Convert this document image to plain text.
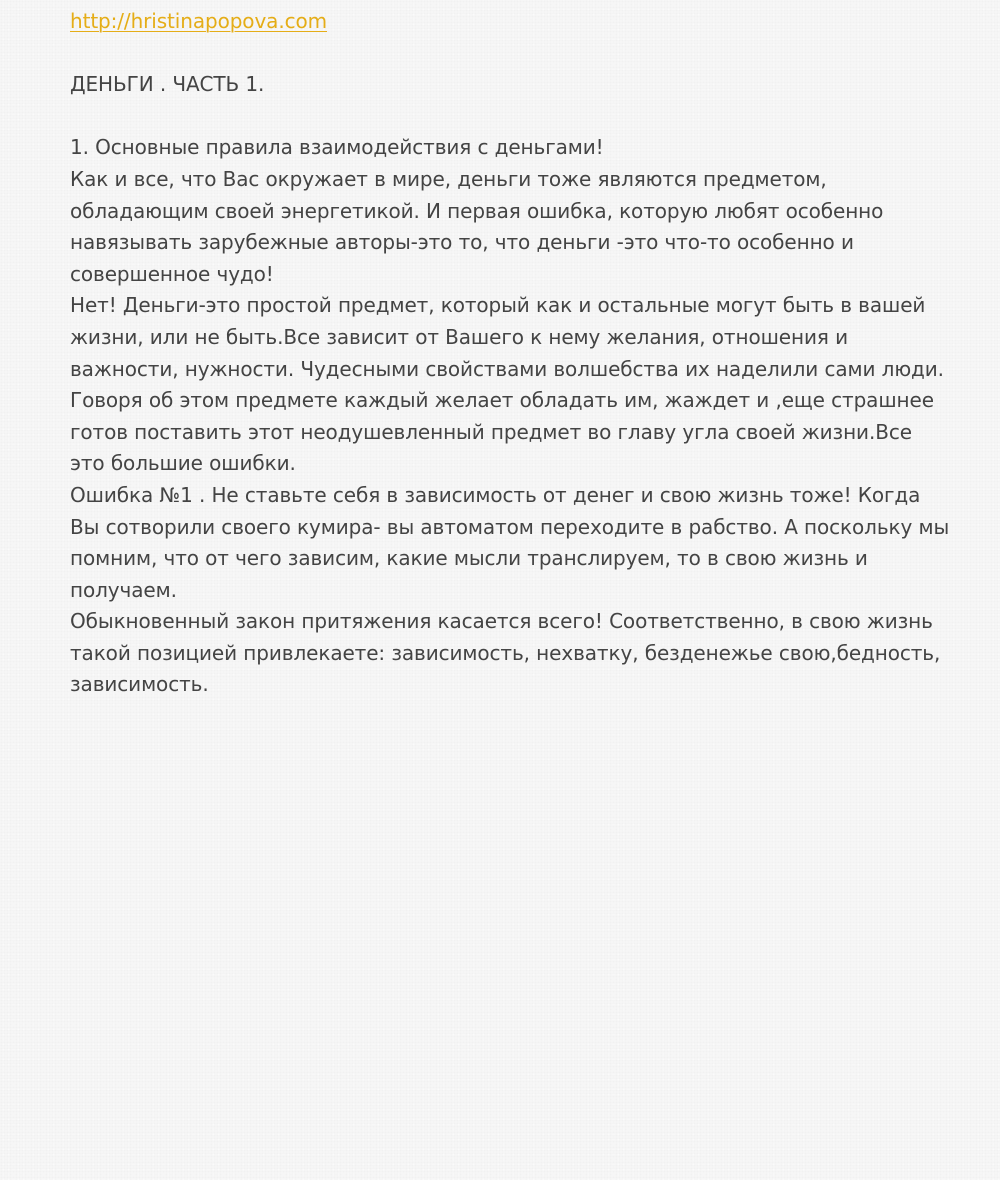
http://hristinapopova.com

ДЕНЬГИ . ЧАСТЬ 1.

1. Основные правила взаимодействия с деньгами!

Как и все, что Вас окружает в мире, деньги тоже являются предметом, обладающим своей энергетикой. И первая ошибка, которую любят особенно навязывать зарубежные авторы-это то, что деньги -это что-то особенно и совершенное чудо!

Нет! Деньги-это простой предмет, который как и остальные могут быть в вашей жизни, или не быть.Все зависит от Вашего к нему желания, отношения и важности, нужности. Чудесными свойствами волшебства их наделили сами люди.

Говоря об этом предмете каждый желает обладать им, жаждет и ,еще страшнее готов поставить этот неодушевленный предмет во главу угла своей жизни.Все это большие ошибки.

Ошибка №1 . Не ставьте себя в зависимость от денег и свою жизнь тоже! Когда Вы сотворили своего кумира- вы автоматом переходите в рабство. А поскольку мы помним, что от чего зависим, какие мысли транслируем, то в свою жизнь и получаем.

Обыкновенный закон притяжения касается всего! Соответственно, в свою жизнь такой позицией привлекаете: зависимость, нехватку, безденежье свою,бедность, зависимость.
